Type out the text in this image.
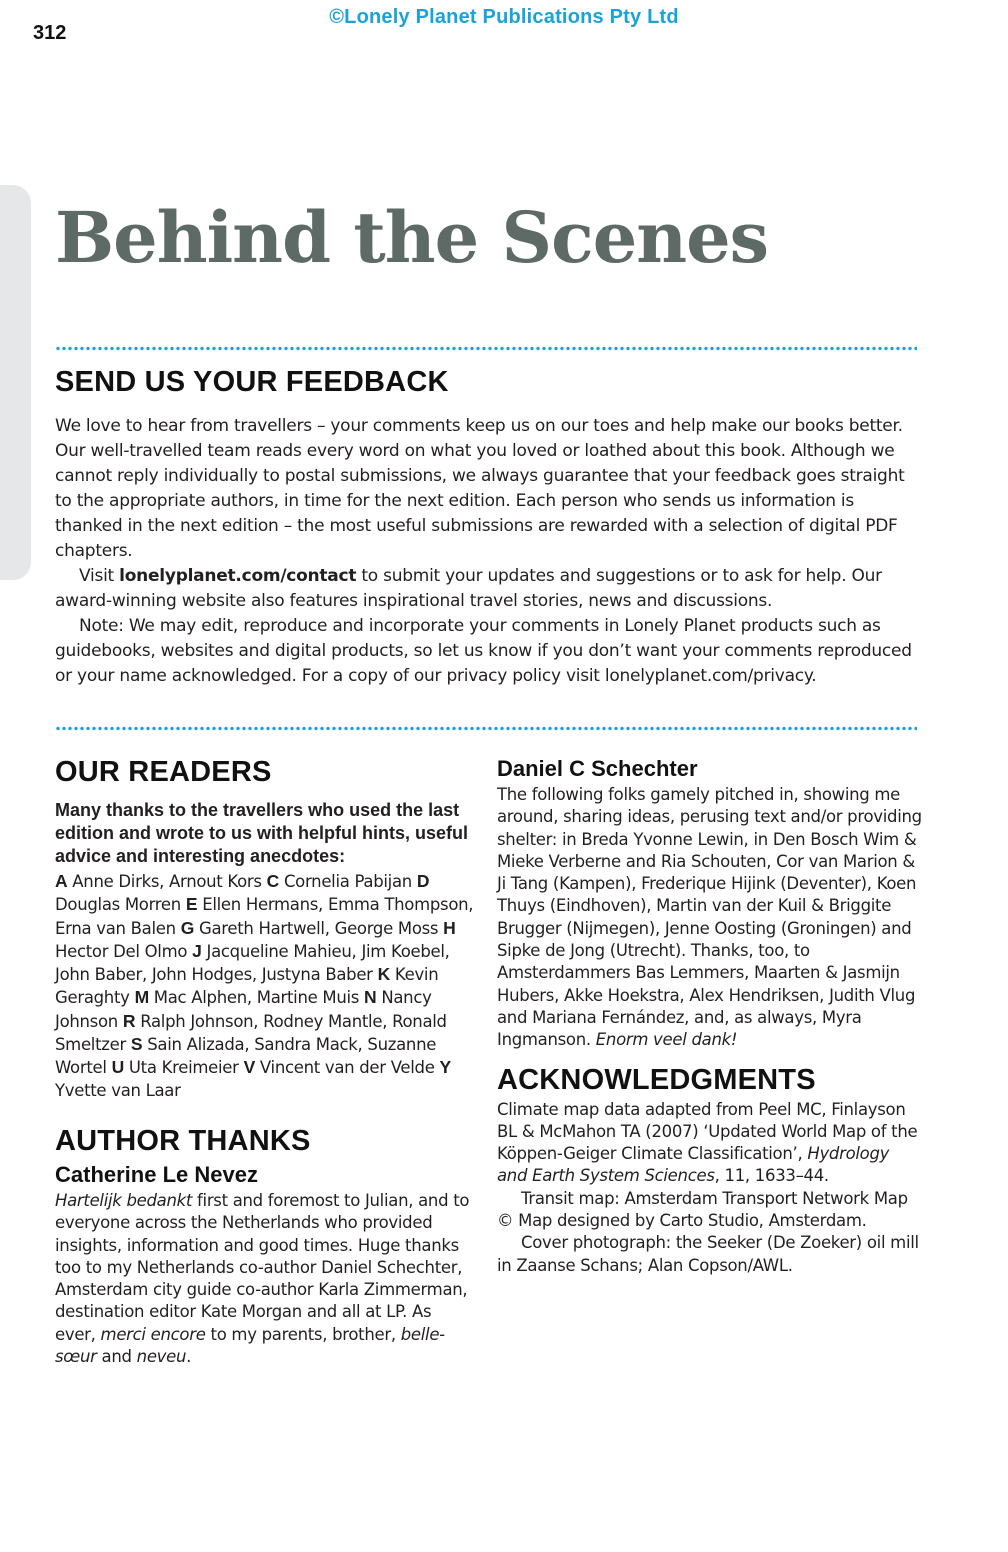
©Lonely Planet Publications Pty Ltd
312
Behind the Scenes
SEND US YOUR FEEDBACK

We love to hear from travellers – your comments keep us on our toes and help make our books better. Our well-travelled team reads every word on what you loved or loathed about this book. Although we cannot reply individually to postal submissions, we always guarantee that your feedback goes straight to the appropriate authors, in time for the next edition. Each person who sends us information is thanked in the next edition – the most useful submissions are rewarded with a selection of digital PDF chapters.

Visit lonelyplanet.com/contact to submit your updates and suggestions or to ask for help. Our award-winning website also features inspirational travel stories, news and discussions.

Note: We may edit, reproduce and incorporate your comments in Lonely Planet products such as guidebooks, websites and digital products, so let us know if you don’t want your comments reproduced or your name acknowledged. For a copy of our privacy policy visit lonelyplanet.com/privacy.

OUR READERS

Many thanks to the travellers who used the last edition and wrote to us with helpful hints, useful advice and interesting anecdotes:

A Anne Dirks, Arnout Kors C Cornelia Pabijan D Douglas Morren E Ellen Hermans, Emma Thompson, Erna van Balen G Gareth Hartwell, George Moss H Hector Del Olmo J Jacqueline Mahieu, Jim Koebel, John Baber, John Hodges, Justyna Baber K Kevin Geraghty M Mac Alphen, Martine Muis N Nancy Johnson R Ralph Johnson, Rodney Mantle, Ronald Smeltzer S Sain Alizada, Sandra Mack, Suzanne Wortel U Uta Kreimeier V Vincent van der Velde Y Yvette van Laar
AUTHOR THANKS
Catherine Le Nevez

Hartelijk bedankt first and foremost to Julian, and to everyone across the Netherlands who provided insights, information and good times. Huge thanks too to my Netherlands co-author Daniel Schechter, Amsterdam city guide co-author Karla Zimmerman, destination editor Kate Morgan and all at LP. As ever, merci encore to my parents, brother, belle-sœur and neveu.

Daniel C Schechter

The following folks gamely pitched in, showing me around, sharing ideas, perusing text and/or providing shelter: in Breda Yvonne Lewin, in Den Bosch Wim & Mieke Verberne and Ria Schouten, Cor van Marion & Ji Tang (Kampen), Frederique Hijink (Deventer), Koen Thuys (Eindhoven), Martin van der Kuil & Briggite Brugger (Nijmegen), Jenne Oosting (Groningen) and Sipke de Jong (Utrecht). Thanks, too, to Amsterdammers Bas Lemmers, Maarten & Jasmijn Hubers, Akke Hoekstra, Alex Hendriksen, Judith Vlug and Mariana Fernández, and, as always, Myra Ingmanson. Enorm veel dank!

ACKNOWLEDGMENTS

Climate map data adapted from Peel MC, Finlayson BL & McMahon TA (2007) ‘Updated World Map of the Köppen-Geiger Climate Classification’, Hydrology and Earth System Sciences, 11, 1633–44.

Transit map: Amsterdam Transport Network Map © Map designed by Carto Studio, Amsterdam.

Cover photograph: the Seeker (De Zoeker) oil mill in Zaanse Schans; Alan Copson/AWL.
